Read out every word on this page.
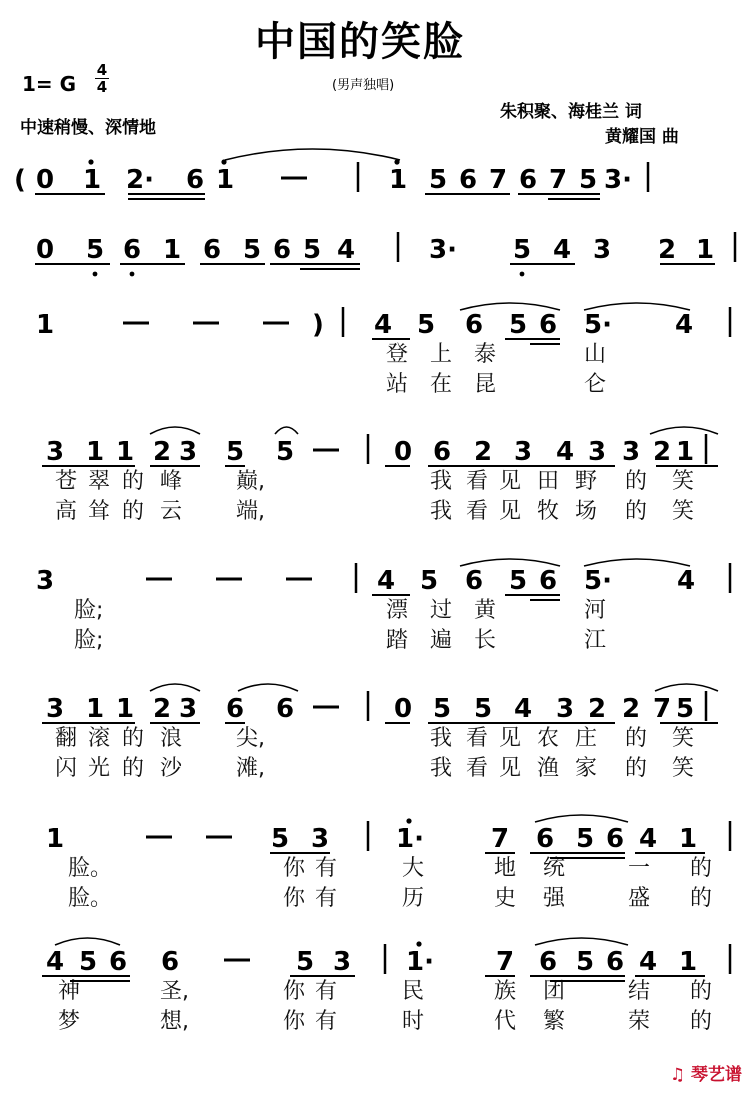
中国的笑脸
1= G
4
4	(男声独唱)
中速稍慢、深情地
朱积聚、海桂兰 词
黄耀国 曲
♫ 琴艺谱
( 0 1 2· 6 1	1 5 6 7 6 7 5 3·
0 5 6 1 6 5 6 5 4	3· 5 4 3 2 1
1	) 4 5 6 5 6 5· 4
登 上 泰	山
站 在 昆	仑
3 1 1 2 3 5 5	0 6 2 3 4 3 3 2 1
苍 翠 的 峰 巅,	我 看 见 田 野 的 笑
高 耸 的 云 端,	我 看 见 牧 场 的 笑
3	4 5 6 5 6 5· 4
脸;	漂 过 黄	河
脸;	踏 遍 长	江
3 1 1 2 3 6 6	0 5 5 4 3 2 2 7 5
翻 滚 的 浪 尖,	我 看 见 农 庄 的 笑
闪 光 的 沙 滩,	我 看 见 渔 家 的 笑
1	5 3	1·	7 6 5 6 4 1
脸。	你 有	大	地 统	一 的
脸。	你 有	历	史 强	盛 的
4 5 6 6	5 3 1· 7 6 5 6 4 1
神	圣,	你 有	民	族 团	结 的
梦	想,	你 有	时	代 繁	荣 的
